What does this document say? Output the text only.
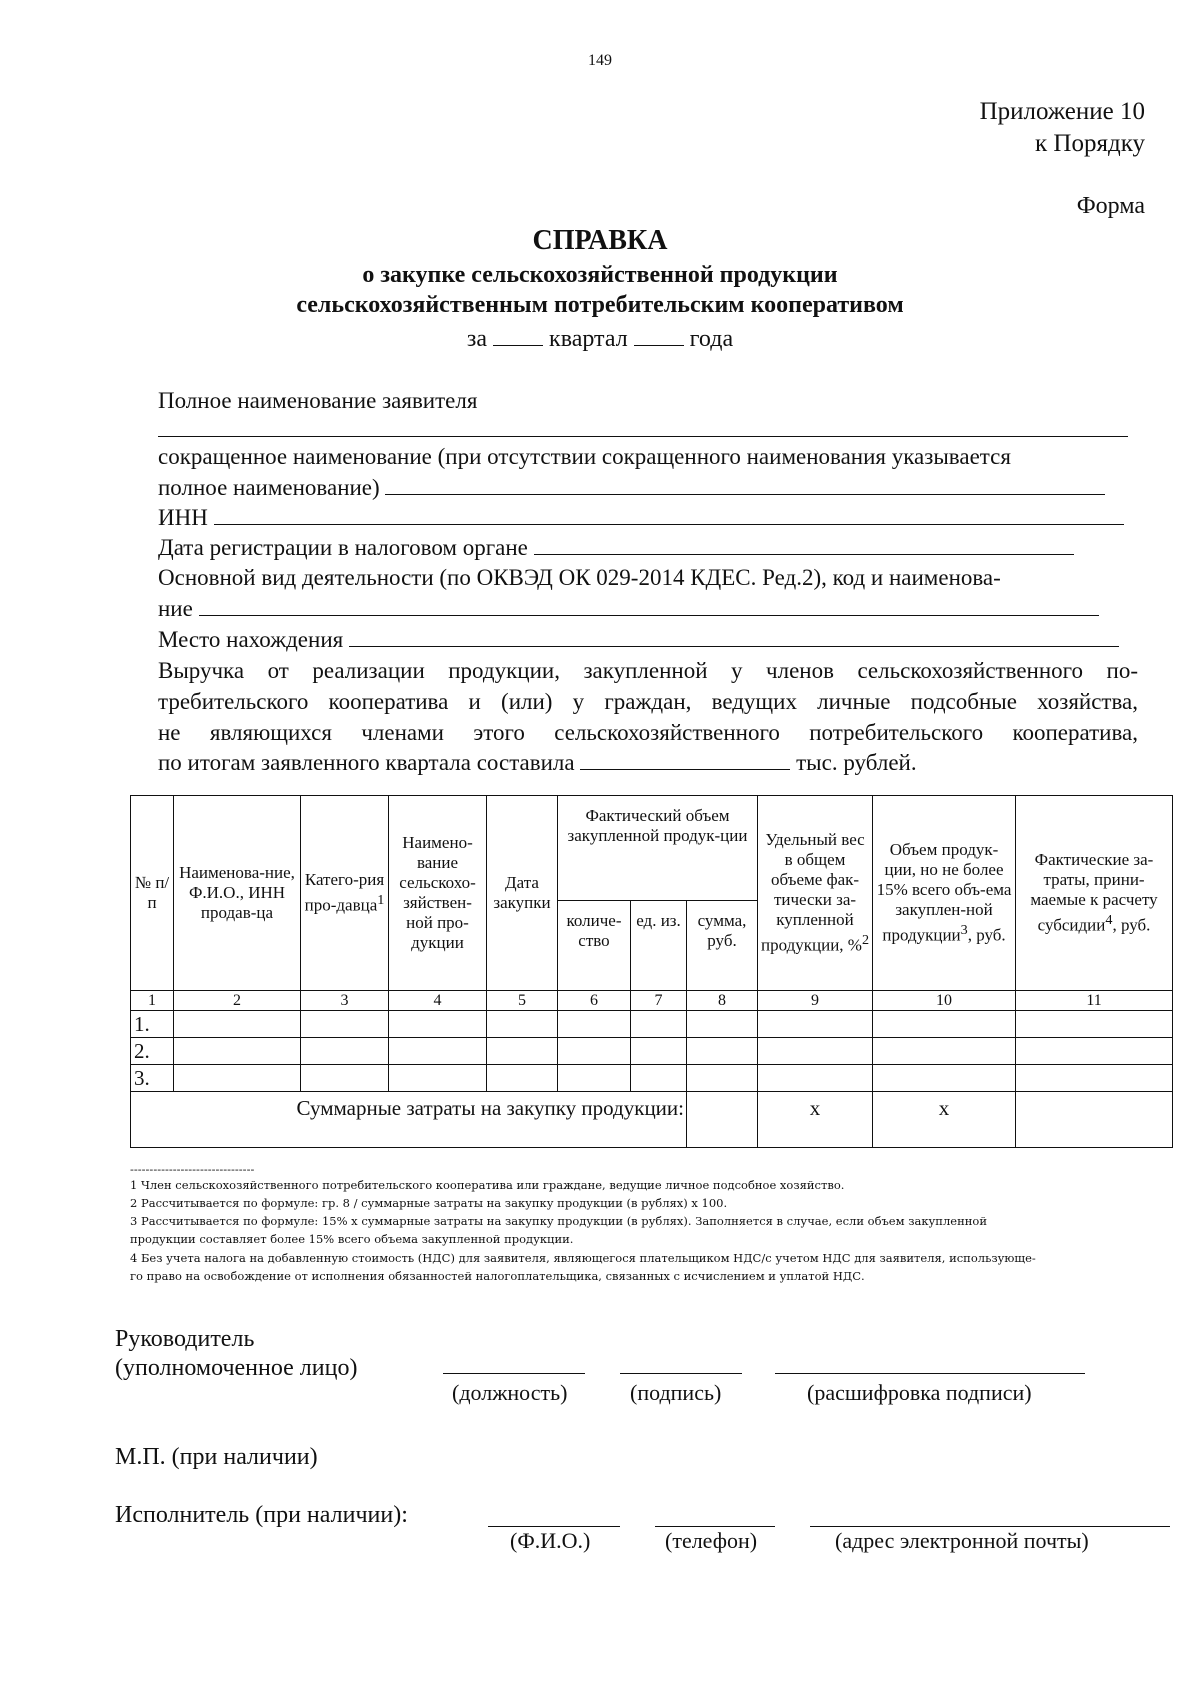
149
Приложение 10
к Порядку
Форма
СПРАВКА
о закупке сельскохозяйственной продукции
сельскохозяйственным потребительским кооперативом
за	квартал	года
Полное наименование заявителя
сокращенное наименование (при отсутствии сокращенного наименования указывается
полное наименование)
ИНН
Дата регистрации в налоговом органе
Основной вид деятельности (по ОКВЭД ОК 029-2014 КДЕС. Ред.2), код и наименова-
ние
Место нахождения
Выручка от реализации продукции, закупленной у членов сельскохозяйственного по-
требительского кооператива и (или) у граждан, ведущих личные подсобные хозяйства,
не являющихся членами этого сельскохозяйственного потребительского кооператива,
по итогам заявленного квартала составила	тыс. рублей.
№ п/п	Наименова-ние, Ф.И.О., ИНН продав-ца	Катего-рия про-давца$^1$	Наимено-вание сельскохо-зяйствен-ной про-дукции	Дата закупки	Фактический объем закупленной продук-ции			Удельный вес в общем объеме фак-тически за-купленной продукции, %$^2$	Объем продук-ции, но не более 15% всего объ-ема закуплен-ной продукции$^3$, руб.	Фактические за-траты, прини-маемые к расчету субсидии$^4$, руб.
					количе-ство	ед. из.	сумма, руб.			
1	2	3	4	5	6	7	8	9	10	11
1.										
2.										
3.										
Суммарные затраты на закупку продукции:								х	х	
--------------------------------
1 Член сельскохозяйственного потребительского кооператива или граждане, ведущие личное подсобное хозяйство.
2 Рассчитывается по формуле: гр. 8 / суммарные затраты на закупку продукции (в рублях) х 100.
3 Рассчитывается по формуле: 15% х суммарные затраты на закупку продукции (в рублях). Заполняется в случае, если объем закупленной
продукции составляет более 15% всего объема закупленной продукции.
4 Без учета налога на добавленную стоимость (НДС) для заявителя, являющегося плательщиком НДС/с учетом НДС для заявителя, использующе-
го право на освобождение от исполнения обязанностей налогоплательщика, связанных с исчислением и уплатой НДС.
Руководитель
(уполномоченное лицо)
(должность)	(подпись)	(расшифровка подписи)
М.П. (при наличии)
Исполнитель (при наличии):
(Ф.И.О.)	(телефон)	(адрес электронной почты)
